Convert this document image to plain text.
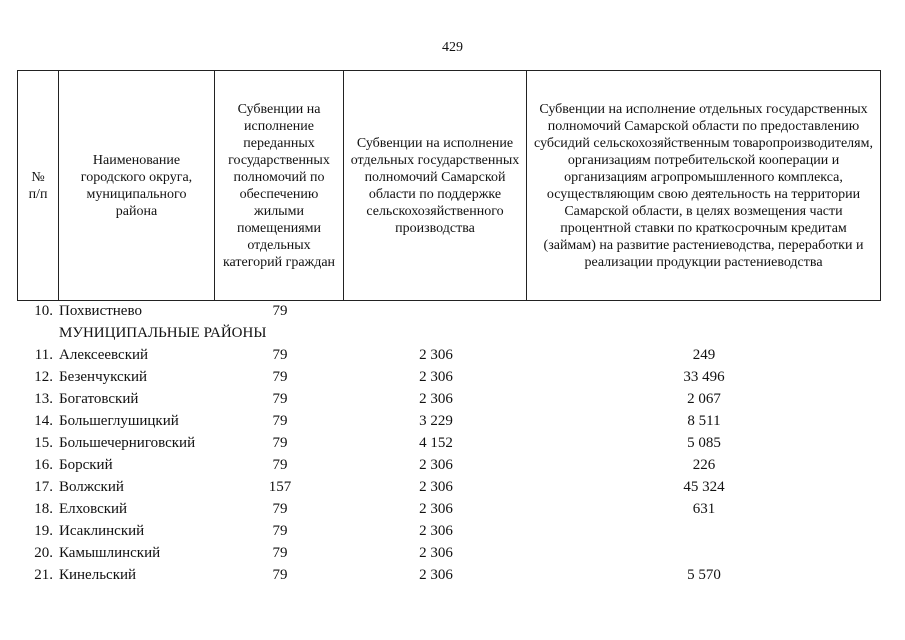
429
№ п/п	Наименование городского округа, муниципального района	Субвенции на исполнение переданных государственных полномочий по обеспечению жилыми помещениями отдельных категорий граждан	Субвенции на исполнение отдельных государственных полномочий Самарской области по поддержке сельскохозяйственного производства	Субвенции на исполнение отдельных государственных полномочий Самарской области по предоставлению субсидий сельскохозяйственным товаропроизводителям, организациям потребительской кооперации и организациям агропромышленного комплекса, осуществляющим свою деятельность на территории Самарской области, в целях возмещения части процентной ставки по краткосрочным кредитам (займам) на развитие растениеводства, переработки и реализации продукции растениеводства
10. Похвистнево	79
МУНИЦИПАЛЬНЫЕ РАЙОНЫ
11. Алексеевский	79	2 306	249
12. Безенчукский	79	2 306	33 496
13. Богатовский	79	2 306	2 067
14. Большеглушицкий	79	3 229	8 511
15. Большечерниговский	79	4 152	5 085
16. Борский	79	2 306	226
17. Волжский	157	2 306	45 324
18. Елховский	79	2 306	631
19. Исаклинский	79	2 306
20. Камышлинский	79	2 306
21. Кинельский	79	2 306	5 570
